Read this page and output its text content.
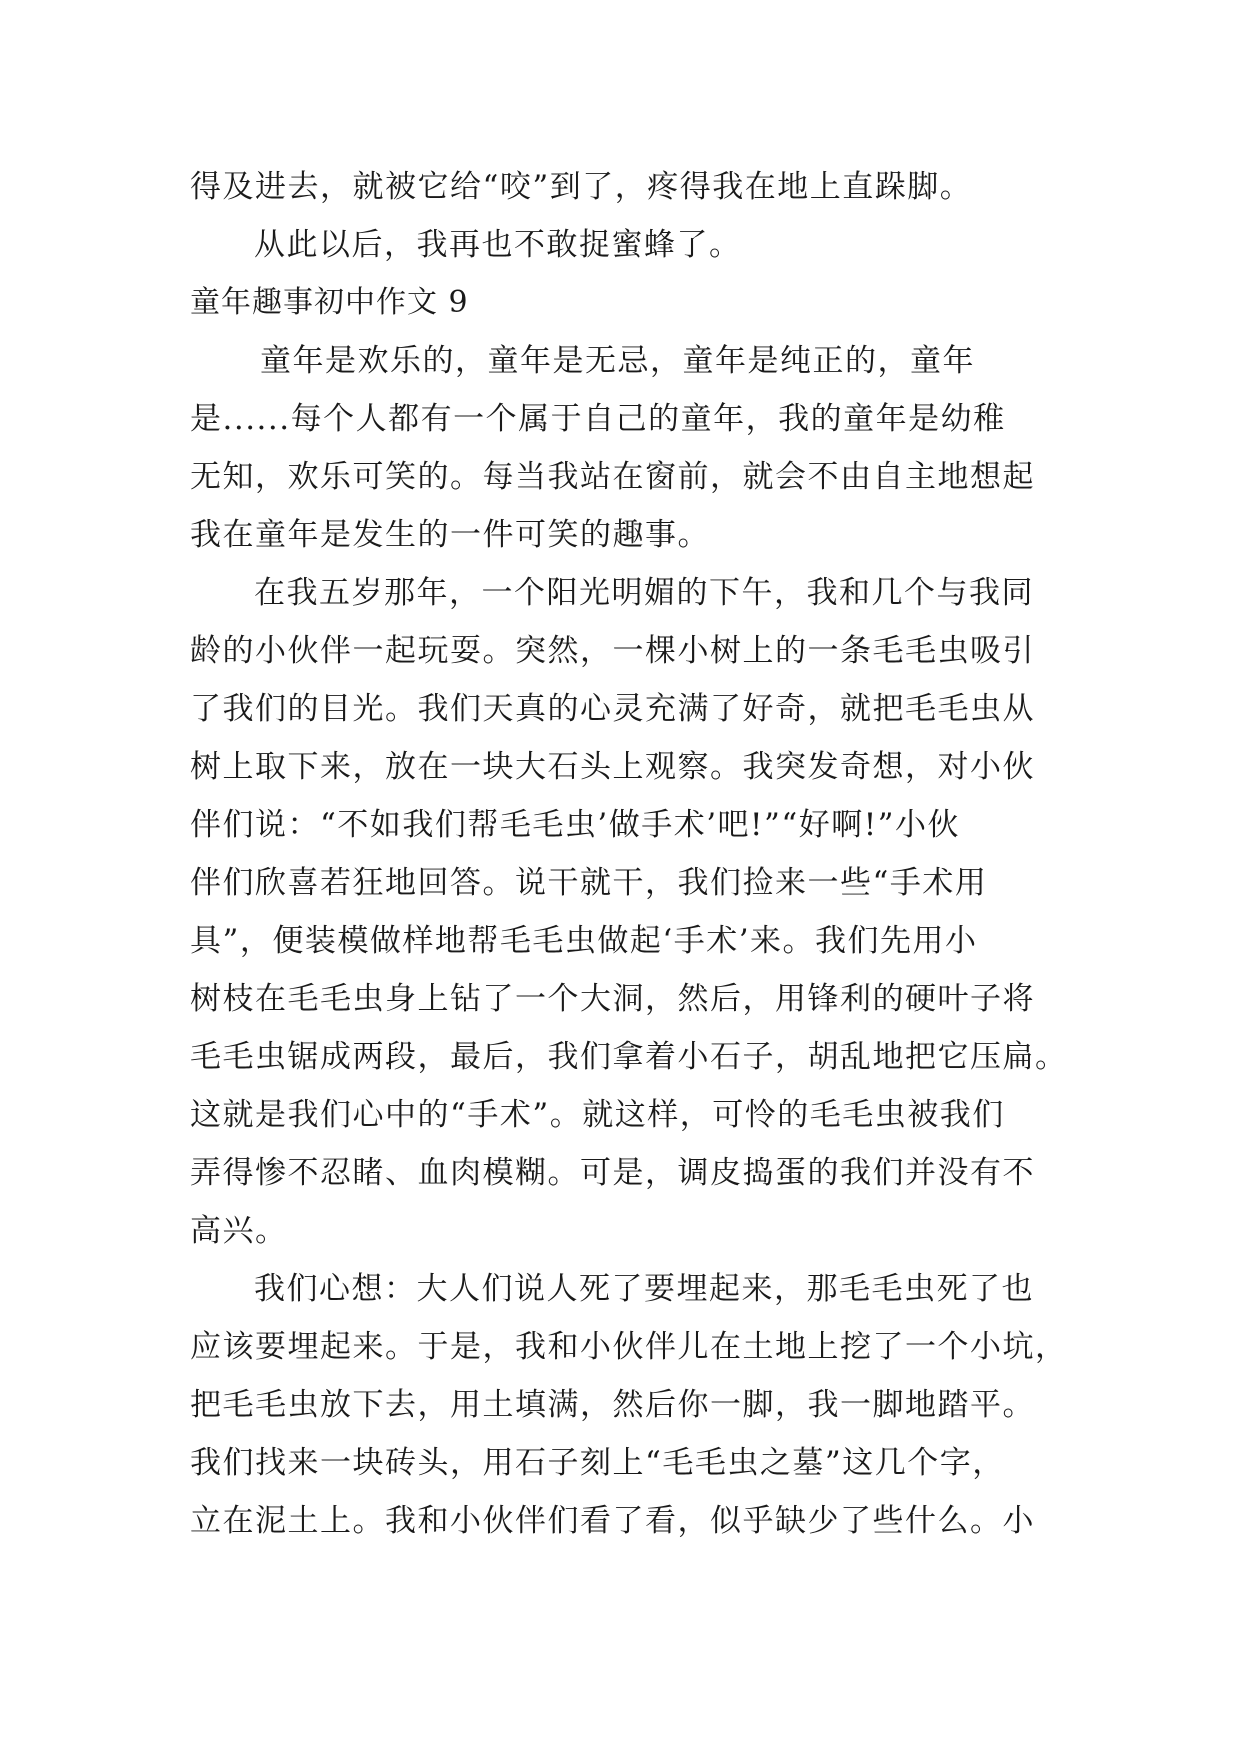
得及进去，就被它给“咬”到了，疼得我在地上直跺脚。
从此以后，我再也不敢捉蜜蜂了。
童年趣事初中作文 9
童年是欢乐的，童年是无忌，童年是纯正的，童年
是......每个人都有一个属于自己的童年，我的童年是幼稚
无知，欢乐可笑的。每当我站在窗前，就会不由自主地想起
我在童年是发生的一件可笑的趣事。
在我五岁那年，一个阳光明媚的下午，我和几个与我同
龄的小伙伴一起玩耍。突然，一棵小树上的一条毛毛虫吸引
了我们的目光。我们天真的心灵充满了好奇，就把毛毛虫从
树上取下来，放在一块大石头上观察。我突发奇想，对小伙
伴们说：“不如我们帮毛毛虫’做手术’吧!”“好啊!”小伙
伴们欣喜若狂地回答。说干就干，我们捡来一些“手术用
具”，便装模做样地帮毛毛虫做起‘手术’来。我们先用小
树枝在毛毛虫身上钻了一个大洞，然后，用锋利的硬叶子将
毛毛虫锯成两段，最后，我们拿着小石子，胡乱地把它压扁。
这就是我们心中的“手术”。就这样，可怜的毛毛虫被我们
弄得惨不忍睹、血肉模糊。可是，调皮捣蛋的我们并没有不
高兴。
我们心想：大人们说人死了要埋起来，那毛毛虫死了也
应该要埋起来。于是，我和小伙伴儿在土地上挖了一个小坑，
把毛毛虫放下去，用土填满，然后你一脚，我一脚地踏平。
我们找来一块砖头，用石子刻上“毛毛虫之墓”这几个字，
立在泥土上。我和小伙伴们看了看，似乎缺少了些什么。小
